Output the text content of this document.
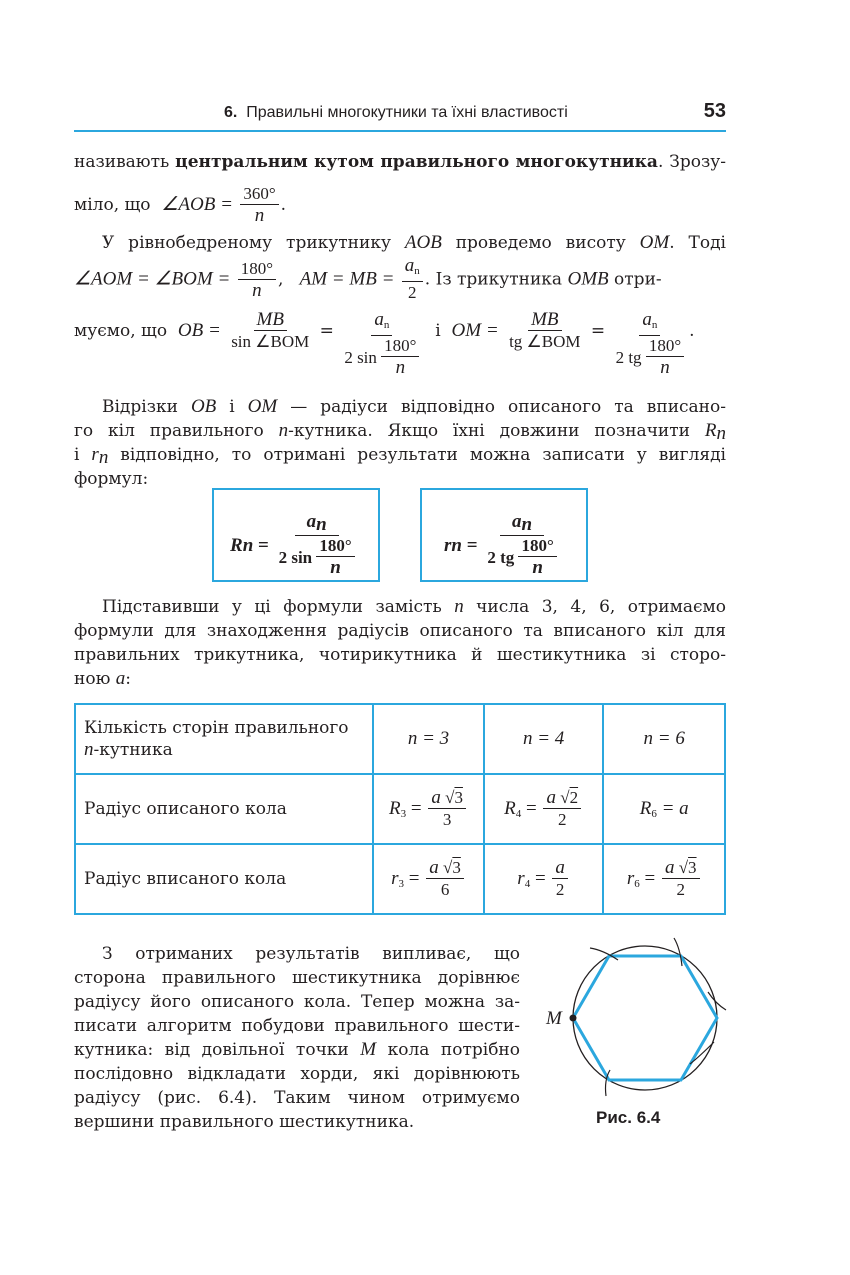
6. Правильні многокутники та їхні властивості	53
називають центральним кутом правильного многокутника. Зрозу-
міло, що ∠AOB = $\frac{360^\circ}{n}$ .
У рівнобедреному трикутнику AOB проведемо висоту OM. Тоді
∠AOM = ∠BOM = $\frac{180^\circ}{n}$ ,   AM = MB = $\frac{a_n}{2}$ . Із трикутника OMB отри-
муємо, що OB = $\frac{MB}{\text{sin ∠BOM}} = a_n$
2 sin
$\frac{180^\circ}{n}$ і OM = $\frac{MB}{\text{tg ∠BOM}} = a_n$
2 tg
$\frac{180^\circ}{n}$ .
Відрізки OB і OM — радіуси відповідно описаного та вписано-
го кіл правильного n-кутника. Якщо їхні довжини позначити $R_n$
і $r_n$ відповідно, то отримані результати можна записати у вигляді
формул:
R $n = a_n$
2 sin
$\frac{180^\circ}{n}$	r $n = a_n$
2 tg
$\frac{180^\circ}{n}$
Підставивши у ці формули замість n числа 3, 4, 6, отримаємо
формули для знаходження радіусів описаного та вписаного кіл для
правильних трикутника, чотирикутника й шестикутника зі сторо-
ною a:
Кількість сторін правильного
n-кутника	n = 3	n = 4	n = 6
Радіус описаного кола	$R_3 = \frac{a √3}{3}$	$R_4 = \frac{a √2}{2}$	$R_6 = a$
Радіус вписаного кола	$r_3 = \frac{a √3}{6}$	$r_4 = \frac{a}{2}$	$r_6 = \frac{a √3}{2}$
З отриманих результатів випливає, що
сторона правильного шестикутника дорівнює
радіусу його описаного кола. Тепер можна за-
писати алгоритм побудови правильного шести-
кутника: від довільної точки M кола потрібно
послідовно відкладати хорди, які дорівнюють
радіусу (рис. 6.4). Таким чином отримуємо
вершини правильного шестикутника.
M
Рис. 6.4
